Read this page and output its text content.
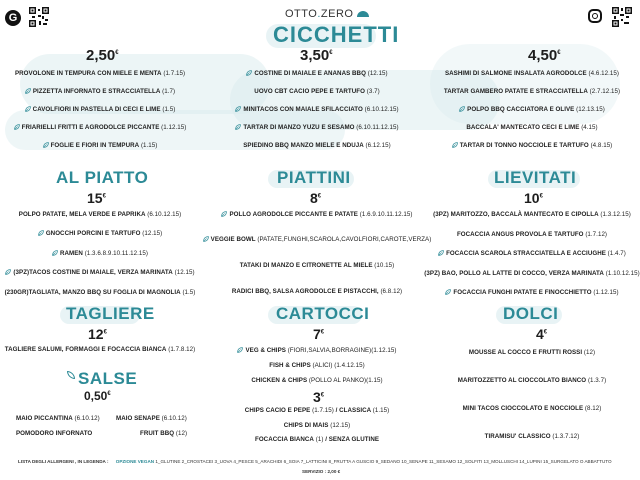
G	OTTO.ZERO
CICCHETTI
2,50€
PROVOLONE IN TEMPURA CON MIELE E MENTA (1.7.15)
PIZZETTA INFORNATO E STRACCIATELLA (1.7)
CAVOLFIORI IN PASTELLA DI CECI E LIME (1.5)
FRIARIELLI FRITTI E AGRODOLCE PICCANTE (1.12.15)
FOGLIE E FIORI IN TEMPURA (1.15)
3,50€
COSTINE DI MAIALE E ANANAS BBQ (12.15)
UOVO CBT CACIO PEPE E TARTUFO (3.7)
MINITACOS CON MAIALE SFILACCIATO (6.10.12.15)
TARTAR DI MANZO YUZU E SESAMO (6.10.11.12.15)
SPIEDINO BBQ MANZO MIELE E NDUJA (6.12.15)
4,50€
SASHIMI DI SALMONE INSALATA AGRODOLCE (4.6.12.15)
TARTAR GAMBERO PATATE E STRACCIATELLA (2.7.12.15)
POLPO BBQ CACCIATORA E OLIVE (12.13.15)
BACCALA' MANTECATO CECI E LIME (4.15)
TARTAR DI TONNO NOCCIOLE E TARTUFO (4.8.15)
AL PIATTO
15€
POLPO PATATE, MELA VERDE E PAPRIKA (6.10.12.15)
GNOCCHI PORCINI E TARTUFO (12.15)
RAMEN (1.3.6.8.9.10.11.12.15)
(3PZ)TACOS COSTINE DI MAIALE, VERZA MARINATA (12.15)
(230GR)TAGLIATA, MANZO BBQ SU FOGLIA DI MAGNOLIA (1.5)
PIATTINI
8€
POLLO AGRODOLCE PICCANTE E PATATE (1.6.9.10.11.12.15)
VEGGIE BOWL (PATATE,FUNGHI,SCAROLA,CAVOLFIORI,CAROTE,VERZA)
TATAKI DI MANZO E CITRONETTE AL MIELE (10.15)
RADICI BBQ, SALSA AGRODOLCE E PISTACCHI, (6.8.12)
LIEVITATI
10€
(3PZ) MARITOZZO, BACCALÀ MANTECATO E CIPOLLA (1.3.12.15)
FOCACCIA ANGUS PROVOLA E TARTUFO (1.7.12)
FOCACCIA SCAROLA STRACCIATELLA E ACCIUGHE (1.4.7)
(3PZ) BAO, POLLO AL LATTE DI COCCO, VERZA MARINATA (1.10.12.15)
FOCACCIA FUNGHI PATATE E FINOCCHIETTO (1.12.15)
TAGLIERE
12€
TAGLIERE SALUMI, FORMAGGI E FOCACCIA BIANCA (1.7.8.12)
SALSE
0,50€
MAIO PICCANTINA (6.10.12)	MAIO SENAPE (6.10.12)
POMODORO INFORNATO	FRUIT BBQ (12)
CARTOCCI
7€
VEG & CHIPS (FIORI,SALVIA,BORRAGINE)(1.12.15)
FISH & CHIPS (ALICI) (1.4.12.15)
CHICKEN & CHIPS (POLLO AL PANKO)(1.15)
3€
CHIPS CACIO E PEPE (1.7.15) / CLASSICA (1.15)
CHIPS DI MAIS (12.15)
FOCACCIA BIANCA (1) / SENZA GLUTINE
DOLCI
4€
MOUSSE AL COCCO E FRUTTI ROSSI (12)
MARITOZZETTO AL CIOCCOLATO BIANCO (1.3.7)
MINI TACOS CIOCCOLATO E NOCCIOLE (8.12)
TIRAMISU' CLASSICO (1.3.7.12)
LISTA DEGLI ALLERGENI , IN LEGENDA : OPZIONE VEGAN 1_GLUTINE 2_CROSTACEI 3_UOVA 4_PESCE 5_ARACHIDI 6_SOIA 7_LATTICINI 8_FRUTTA A GUSCIO 9_SEDANO 10_SENAPE 11_SESAMO 12_SOLFITI 13_MOLLUSCHI 14_LUPINI 15_SURGELATO O ABBATTUTO
SERVIZIO : 2,00 €
